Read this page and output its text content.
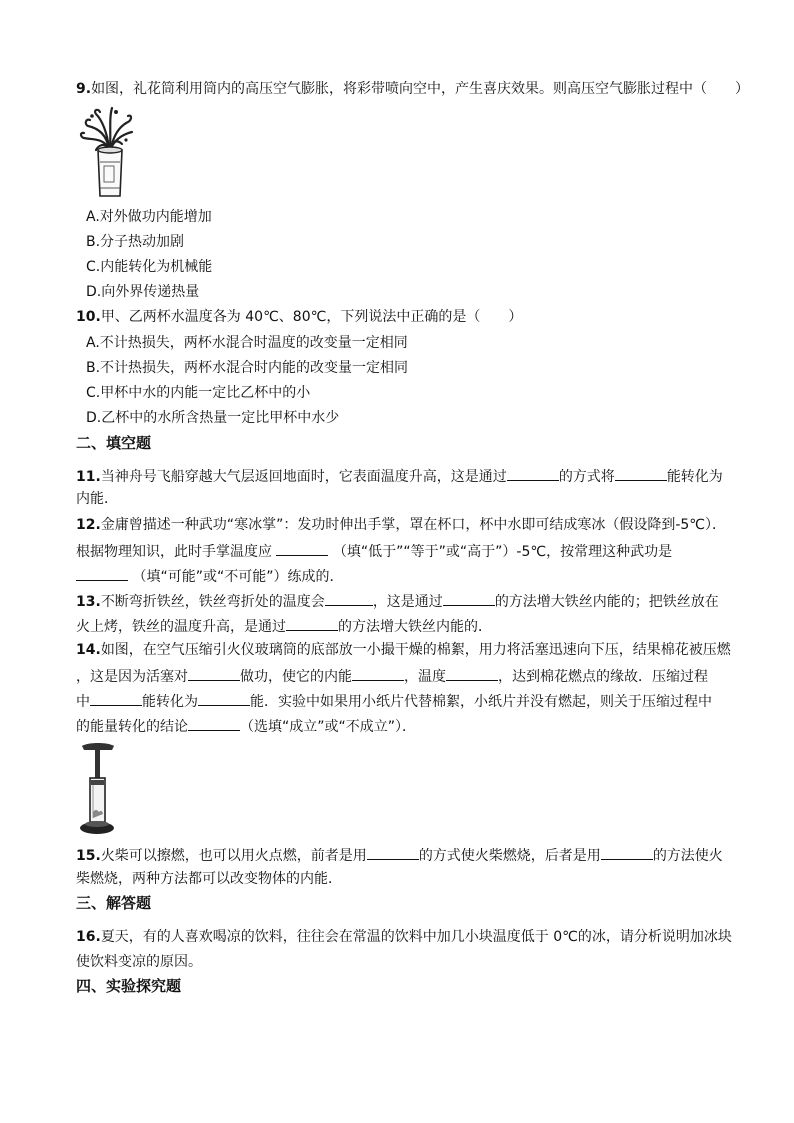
9.如图，礼花筒利用筒内的高压空气膨胀，将彩带喷向空中，产生喜庆效果。则高压空气膨胀过程中（　　）
A.对外做功内能增加
B.分子热动加剧
C.内能转化为机械能
D.向外界传递热量
10.甲、乙两杯水温度各为 40℃、80℃，下列说法中正确的是（　　）
A.不计热损失，两杯水混合时温度的改变量一定相同
B.不计热损失，两杯水混合时内能的改变量一定相同
C.甲杯中水的内能一定比乙杯中的小
D.乙杯中的水所含热量一定比甲杯中水少
二、填空题
11.当神舟号飞船穿越大气层返回地面时，它表面温度升高，这是通过	的方式将	能转化为
内能．
12.金庸曾描述一种武功“寒冰掌”：发功时伸出手掌，罩在杯口，杯中水即可结成寒冰（假设降到-5℃）．
根据物理知识，此时手掌温度应	（填“低于”“等于”或“高于”）-5℃，按常理这种武功是
（填“可能”或“不可能”）练成的．
13.不断弯折铁丝，铁丝弯折处的温度会	，这是通过	的方法增大铁丝内能的；把铁丝放在
火上烤，铁丝的温度升高，是通过	的方法增大铁丝内能的．
14.如图，在空气压缩引火仪玻璃筒的底部放一小撮干燥的棉絮，用力将活塞迅速向下压，结果棉花被压燃
，这是因为活塞对	做功，使它的内能	，温度	，达到棉花燃点的缘故．压缩过程
中	能转化为	能．实验中如果用小纸片代替棉絮，小纸片并没有燃起，则关于压缩过程中
的能量转化的结论	（选填“成立”或“不成立”）．
15.火柴可以擦燃，也可以用火点燃，前者是用	的方式使火柴燃烧，后者是用	的方法使火
柴燃烧，两种方法都可以改变物体的内能．
三、解答题
16.夏天，有的人喜欢喝凉的饮料，往往会在常温的饮料中加几小块温度低于 0℃的冰，请分析说明加冰块
使饮料变凉的原因。
四、实验探究题
